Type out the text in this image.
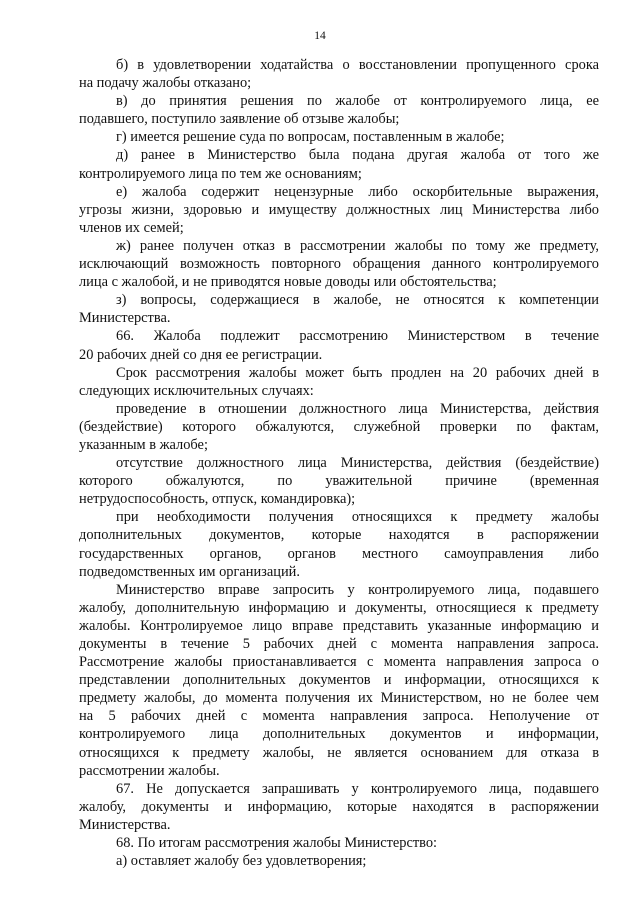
14
б) в удовлетворении ходатайства о восстановлении пропущенного срока
на подачу жалобы отказано;
в) до принятия решения по жалобе от контролируемого лица, ее
подавшего, поступило заявление об отзыве жалобы;
г) имеется решение суда по вопросам, поставленным в жалобе;
д) ранее в Министерство была подана другая жалоба от того же
контролируемого лица по тем же основаниям;
е) жалоба содержит нецензурные либо оскорбительные выражения,
угрозы жизни, здоровью и имуществу должностных лиц Министерства либо
членов их семей;
ж) ранее получен отказ в рассмотрении жалобы по тому же предмету,
исключающий возможность повторного обращения данного контролируемого
лица с жалобой, и не приводятся новые доводы или обстоятельства;
з) вопросы, содержащиеся в жалобе, не относятся к компетенции
Министерства.
66. Жалоба подлежит рассмотрению Министерством в течение
20 рабочих дней со дня ее регистрации.
Срок рассмотрения жалобы может быть продлен на 20 рабочих дней в
следующих исключительных случаях:
проведение в отношении должностного лица Министерства, действия
(бездействие) которого обжалуются, служебной проверки по фактам,
указанным в жалобе;
отсутствие должностного лица Министерства, действия (бездействие)
которого обжалуются, по уважительной причине (временная
нетрудоспособность, отпуск, командировка);
при необходимости получения относящихся к предмету жалобы
дополнительных документов, которые находятся в распоряжении
государственных органов, органов местного самоуправления либо
подведомственных им организаций.
Министерство вправе запросить у контролируемого лица, подавшего
жалобу, дополнительную информацию и документы, относящиеся к предмету
жалобы. Контролируемое лицо вправе представить указанные информацию и
документы в течение 5 рабочих дней с момента направления запроса.
Рассмотрение жалобы приостанавливается с момента направления запроса о
представлении дополнительных документов и информации, относящихся к
предмету жалобы, до момента получения их Министерством, но не более чем
на 5 рабочих дней с момента направления запроса. Неполучение от
контролируемого лица дополнительных документов и информации,
относящихся к предмету жалобы, не является основанием для отказа в
рассмотрении жалобы.
67. Не допускается запрашивать у контролируемого лица, подавшего
жалобу, документы и информацию, которые находятся в распоряжении
Министерства.
68. По итогам рассмотрения жалобы Министерство:
а) оставляет жалобу без удовлетворения;
